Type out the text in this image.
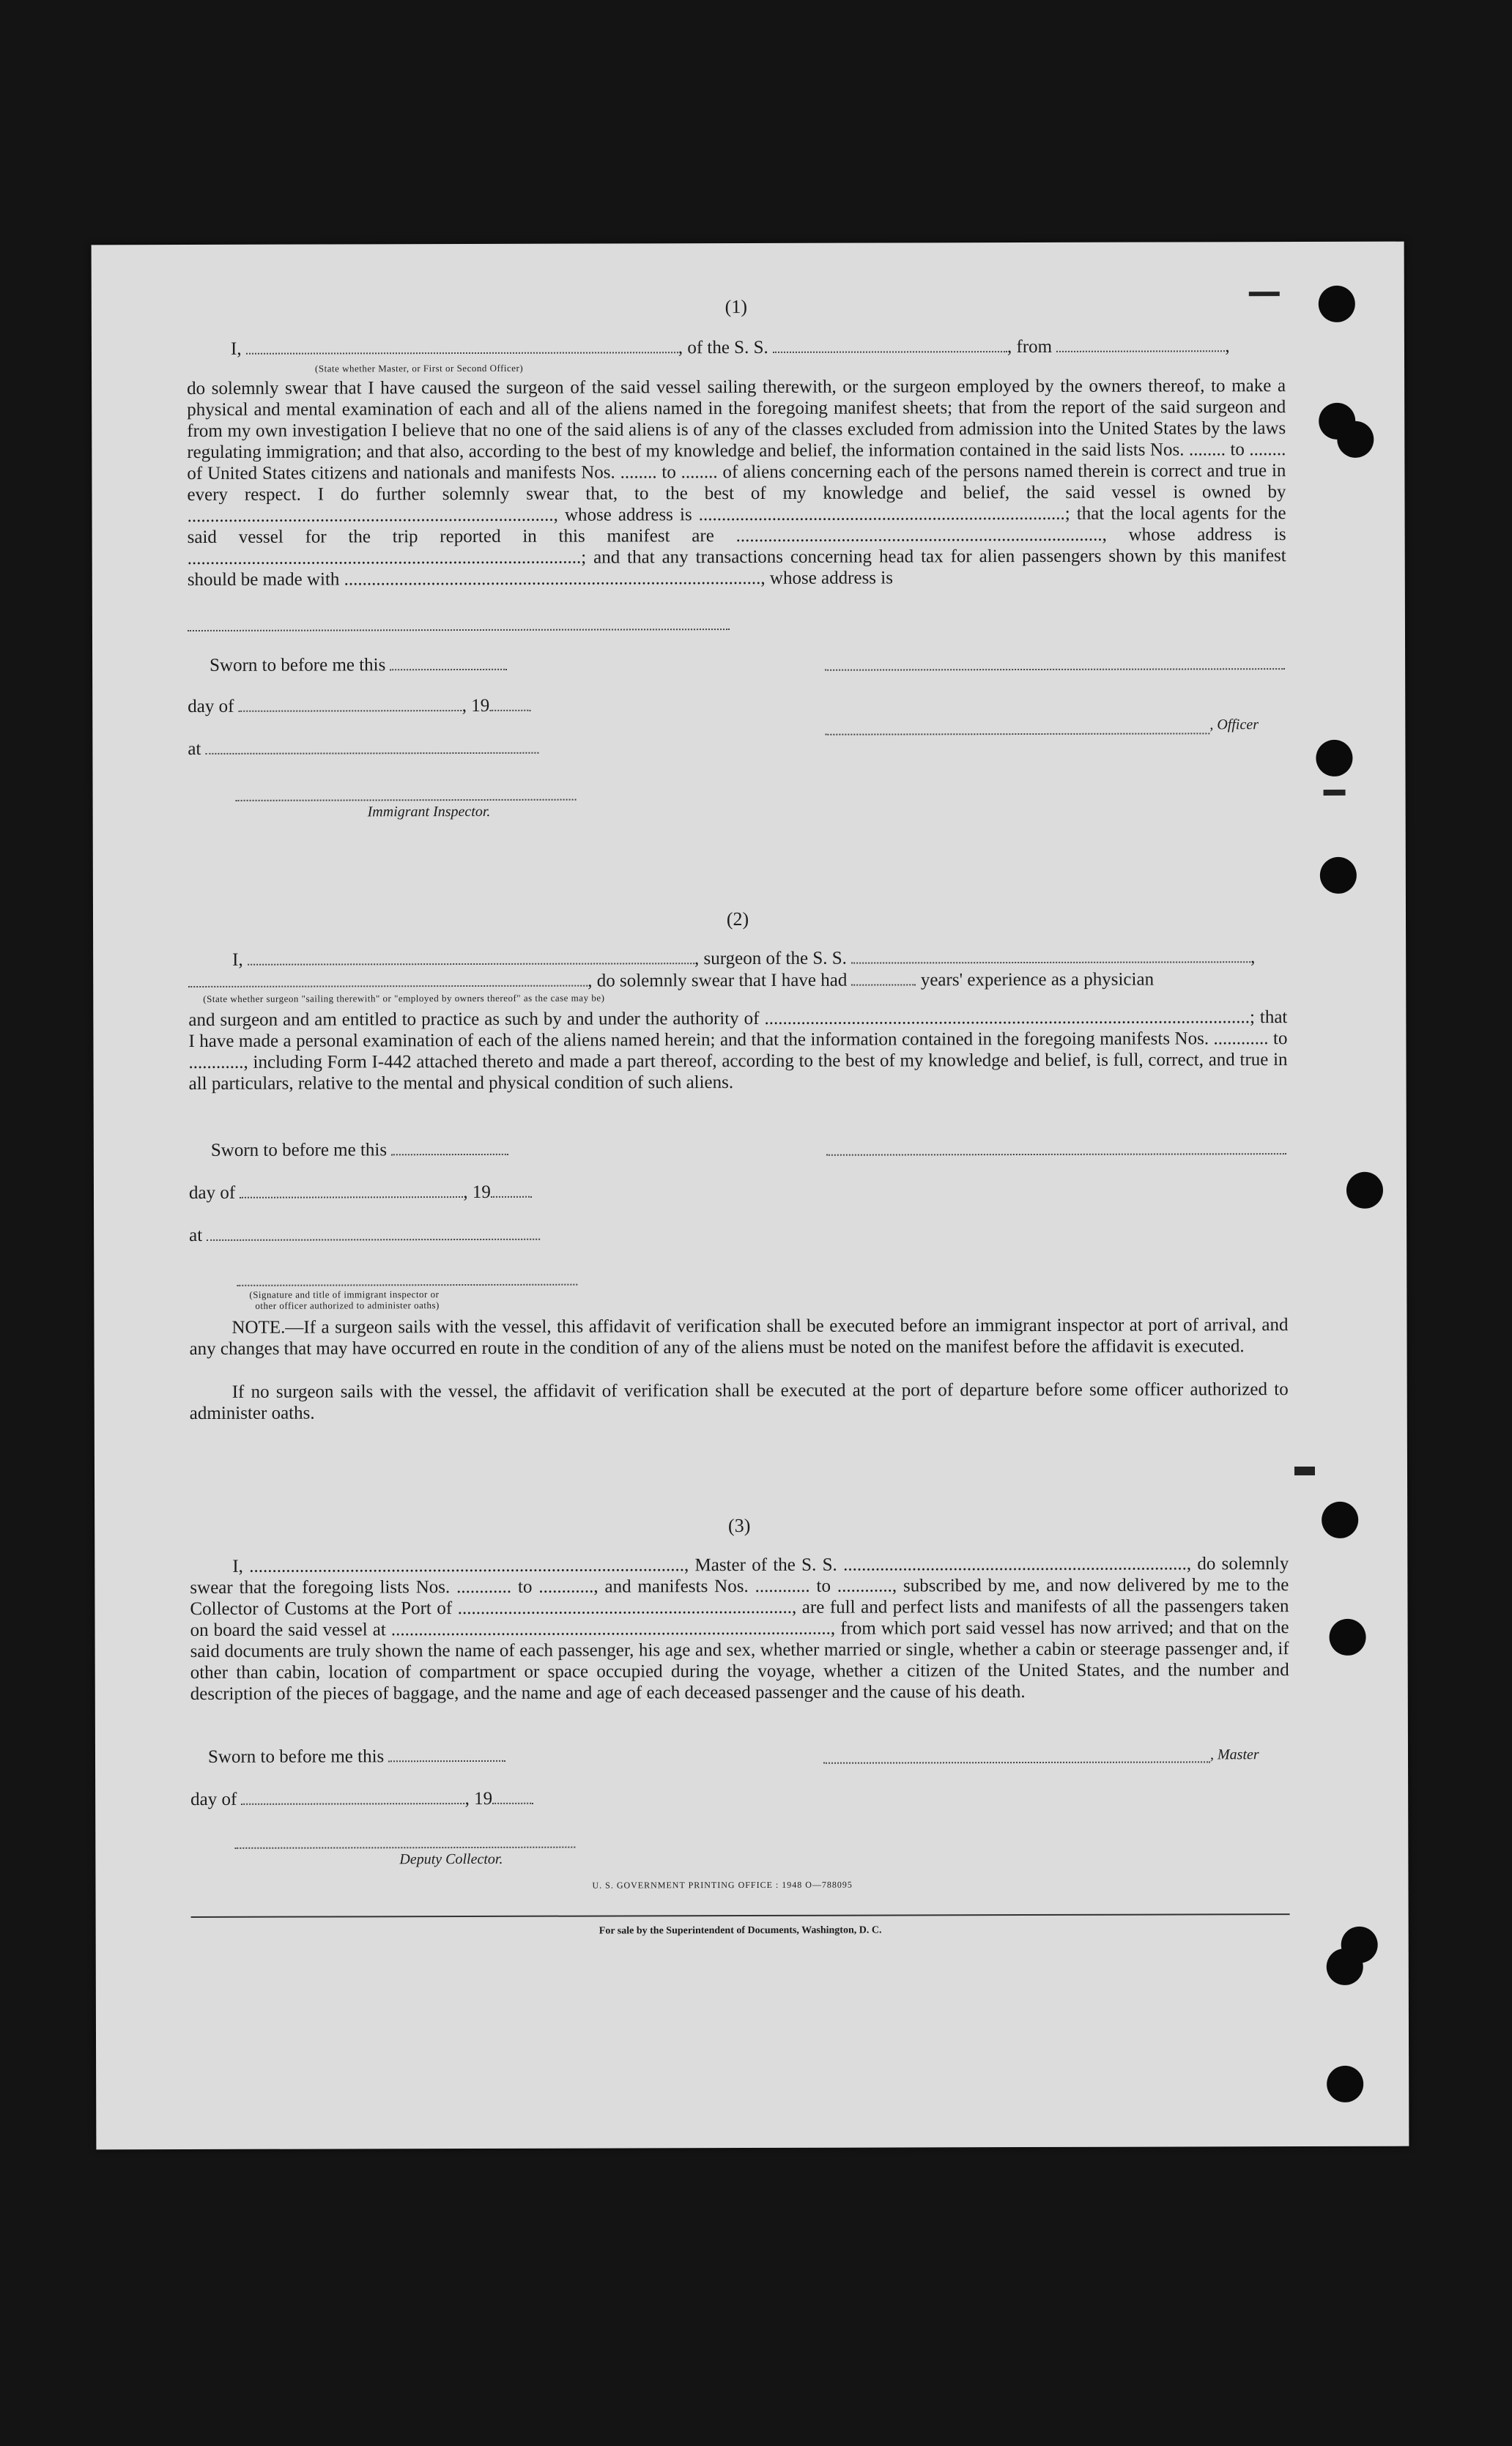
(1)
I,	, of the S. S.	, from	,
(State whether Master, or First or Second Officer)
do solemnly swear that I have caused the surgeon of the said vessel sailing therewith, or the surgeon employed by the owners thereof, to make a physical and mental examination of each and all of the aliens named in the foregoing manifest sheets; that from the report of the said surgeon and from my own investigation I believe that no one of the said aliens is of any of the classes excluded from admission into the United States by the laws regulating immigration; and that also, according to the best of my knowledge and belief, the information contained in the said lists Nos. ........ to ........ of United States citizens and nationals and manifests Nos. ........ to ........ of aliens concerning each of the persons named therein is correct and true in every respect. I do further solemnly swear that, to the best of my knowledge and belief, the said vessel is owned by ................................................................................, whose address is ................................................................................; that the local agents for the said vessel for the trip reported in this manifest are ................................................................................, whose address is ......................................................................................; and that any transactions concerning head tax for alien passengers shown by this manifest should be made with ..........................................................................................., whose address is
Sworn to before me this
day of	, 19
, Officer
at
Immigrant Inspector.
(2)
I,	, surgeon of the S. S.	,
, do solemnly swear that I have had	years' experience as a physician
(State whether surgeon "sailing therewith" or "employed by owners thereof" as the case may be)
and surgeon and am entitled to practice as such by and under the authority of ..........................................................................................................; that I have made a personal examination of each of the aliens named herein; and that the information contained in the foregoing manifests Nos. ............ to ............, including Form I-442 attached thereto and made a part thereof, according to the best of my knowledge and belief, is full, correct, and true in all particulars, relative to the mental and physical condition of such aliens.
Sworn to before me this
day of	, 19
at
(Signature and title of immigrant inspector or
other officer authorized to administer oaths)
NOTE.—If a surgeon sails with the vessel, this affidavit of verification shall be executed before an immigrant inspector at port of arrival, and any changes that may have occurred en route in the condition of any of the aliens must be noted on the manifest before the affidavit is executed.
If no surgeon sails with the vessel, the affidavit of verification shall be executed at the port of departure before some officer authorized to administer oaths.
(3)
I, ..............................................................................................., Master of the S. S. ..........................................................................., do solemnly swear that the foregoing lists Nos. ............ to ............, and manifests Nos. ............ to ............, subscribed by me, and now delivered by me to the Collector of Customs at the Port of ........................................................................., are full and perfect lists and manifests of all the passengers taken on board the said vessel at ................................................................................................, from which port said vessel has now arrived; and that on the said documents are truly shown the name of each passenger, his age and sex, whether married or single, whether a cabin or steerage passenger and, if other than cabin, location of compartment or space occupied during the voyage, whether a citizen of the United States, and the number and description of the pieces of baggage, and the name and age of each deceased passenger and the cause of his death.
Sworn to before me this	, Master
day of	, 19
Deputy Collector.
U. S. GOVERNMENT PRINTING OFFICE : 1948 O—788095
For sale by the Superintendent of Documents, Washington, D. C.
